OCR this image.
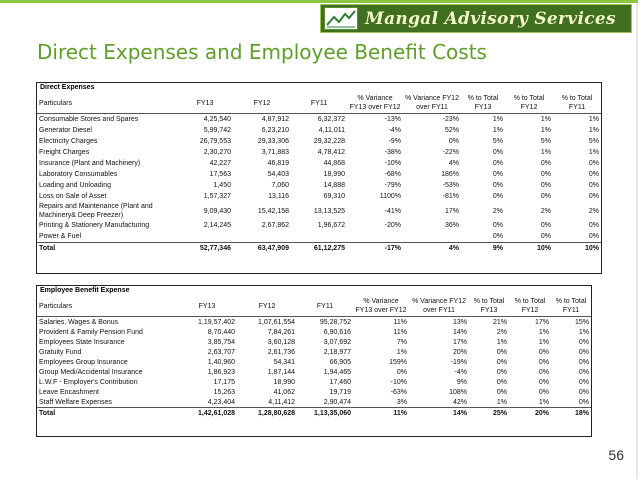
Mangal Advisory Services
Direct Expenses and Employee Benefit Costs
Direct Expenses
Particulars	FY13	FY12	FY11	% Variance FY13 over FY12	% Variance FY12 over FY11	% to Total FY13	% to Total FY12	% to Total FY11
Consumable Stores and Spares	4,25,540	4,87,912	6,32,372	-13%	-23%	1%	1%	1%
Generator Diesel	5,99,742	6,23,210	4,11,011	-4%	52%	1%	1%	1%
Electricity Charges	26,79,553	29,33,306	29,32,228	-9%	0%	5%	5%	5%
Freight Charges	2,30,270	3,71,883	4,78,412	-38%	-22%	0%	1%	1%
Insurance (Plant and Machinery)	42,227	46,819	44,868	-10%	4%	0%	0%	0%
Laboratory Consumables	17,563	54,403	18,990	-68%	186%	0%	0%	0%
Loading and Unloading	1,450	7,060	14,888	-79%	-53%	0%	0%	0%
Loss on Sale of Asset	1,57,327	13,116	69,310	1100%	-81%	0%	0%	0%
Repairs and Maintenance (Plant and Machinery& Deep Freezer)	9,09,430	15,42,158	13,13,525	-41%	17%	2%	2%	2%
Printing & Stationery Manufacturing	2,14,245	2,67,862	1,96,672	-20%	36%	0%	0%	0%
Power & Fuel						0%	0%	0%
Total	52,77,346	63,47,909	61,12,275	-17%	4%	9%	10%	10%
Employee Benefit Expense
Particulars	FY13	FY12	FY11	% Variance FY13 over FY12	% Variance FY12 over FY11	% to Total FY13	% to Total FY12	% to Total FY11
Salaries, Wages & Bonus	1,19,57,402	1,07,61,554	95,28,752	11%	13%	21%	17%	15%
Provident & Family Pension Fund	8,70,440	7,84,261	6,90,616	11%	14%	2%	1%	1%
Employees State Insurance	3,85,754	3,60,128	3,07,692	7%	17%	1%	1%	0%
Gratuity Fund	2,63,707	2,61,736	2,18,977	1%	20%	0%	0%	0%
Employees Group Insurance	1,40,960	54,341	66,905	159%	-19%	0%	0%	0%
Group Medi/Accidental Insurance	1,86,923	1,87,144	1,94,465	0%	-4%	0%	0%	0%
L.W.F - Employer's Contribution	17,175	18,990	17,460	-10%	9%	0%	0%	0%
Leave Encashment	15,263	41,062	19,719	-63%	108%	0%	0%	0%
Staff Welfare Expenses	4,23,404	4,11,412	2,90,474	3%	42%	1%	1%	0%
Total	1,42,61,028	1,28,80,628	1,13,35,060	11%	14%	25%	20%	18%
56
